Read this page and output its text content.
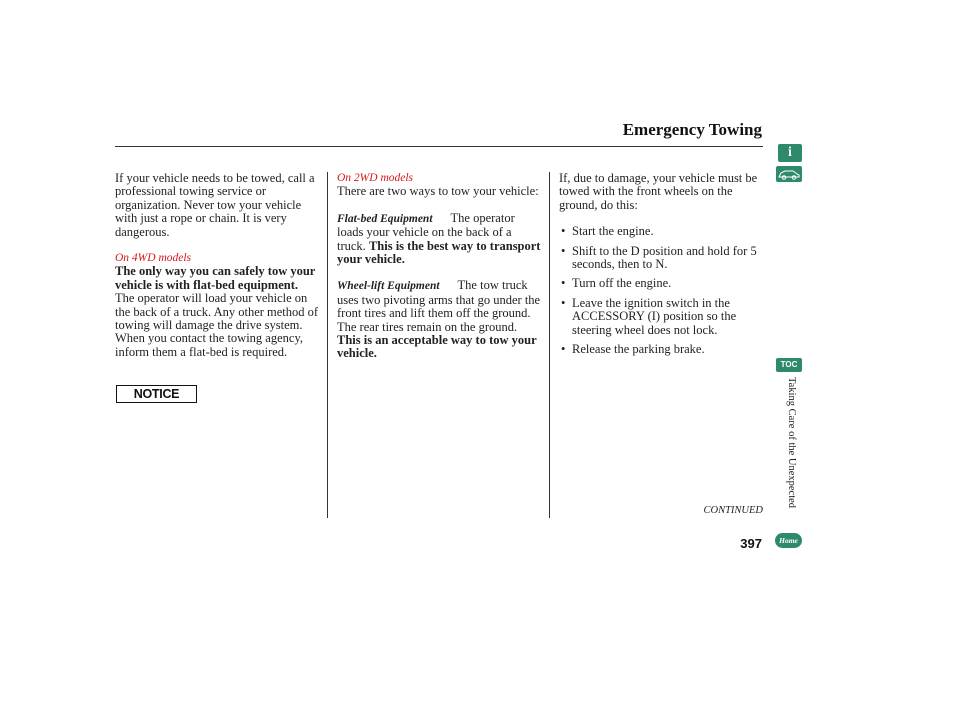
Emergency Towing

If your vehicle needs to be towed, call a professional towing service or organization. Never tow your vehicle with just a rope or chain. It is very dangerous.

On 4WD models

The only way you can safely tow your vehicle is with flat-bed equipment. The operator will load your vehicle on the back of a truck. Any other method of towing will damage the drive system. When you contact the towing agency, inform them a flat-bed is required.

NOTICE

On 2WD models

There are two ways to tow your vehicle:

Flat-bed Equipment The operator loads your vehicle on the back of a truck. This is the best way to transport your vehicle.

Wheel-lift Equipment The tow truck uses two pivoting arms that go under the front tires and lift them off the ground. The rear tires remain on the ground. This is an acceptable way to tow your vehicle.

If, due to damage, your vehicle must be towed with the front wheels on the ground, do this:

• Start the engine.
• Shift to the D position and hold for 5 seconds, then to N.
• Turn off the engine.
• Leave the ignition switch in the ACCESSORY (I) position so the steering wheel does not lock.
• Release the parking brake.
CONTINUED
397
i
TOC
Taking Care of the Unexpected
Home
